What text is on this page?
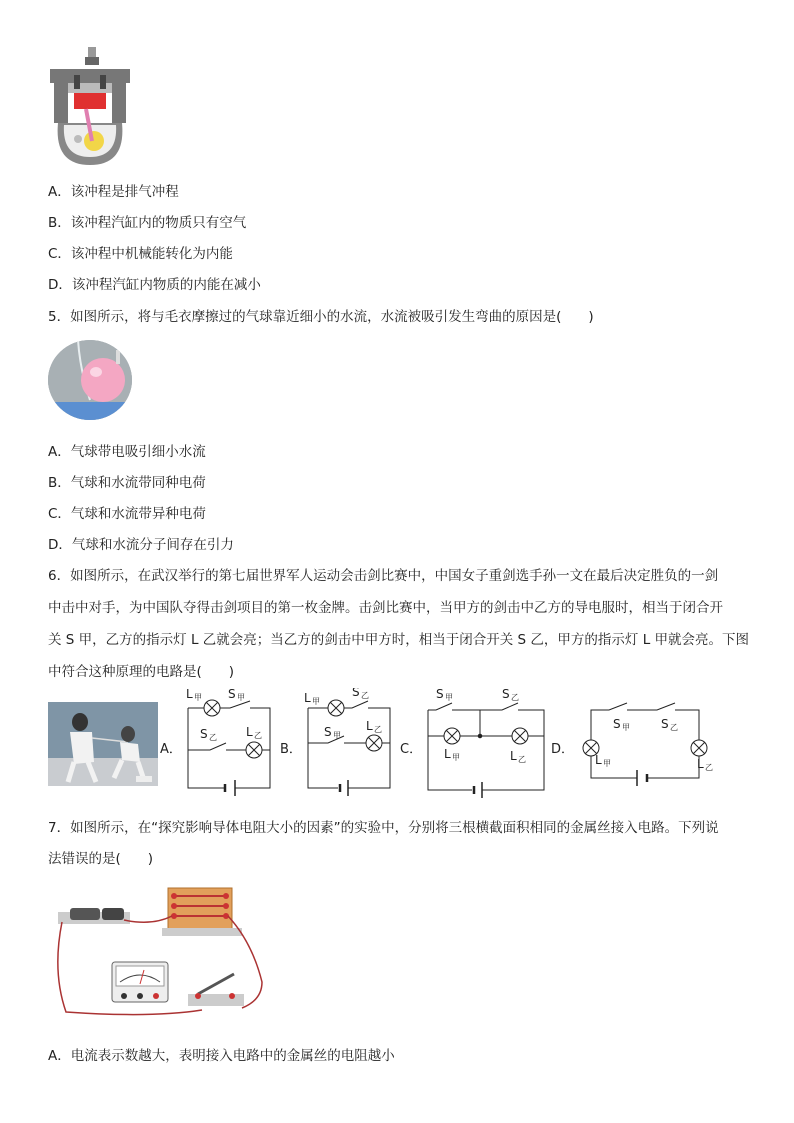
A．该冲程是排气冲程
B．该冲程汽缸内的物质只有空气
C．该冲程中机械能转化为内能
D．该冲程汽缸内物质的内能在减小
5．如图所示，将与毛衣摩擦过的气球靠近细小的水流，水流被吸引发生弯曲的原因是(　　)
A．气球带电吸引细小水流
B．气球和水流带同种电荷
C．气球和水流带异种电荷
D．气球和水流分子间存在引力
6．如图所示，在武汉举行的第七届世界军人运动会击剑比赛中，中国女子重剑选手孙一文在最后决定胜负的一剑
中击中对手，为中国队夺得击剑项目的第一枚金牌。击剑比赛中，当甲方的剑击中乙方的导电服时，相当于闭合开
关 S 甲，乙方的指示灯 L 乙就会亮；当乙方的剑击中甲方时，相当于闭合开关 S 乙，甲方的指示灯 L 甲就会亮。下图
中符合这种原理的电路是(　　)
A．	B．	C．	D．
L 甲 S 甲
S 乙 L 乙
L 甲
S 乙
S 甲
L 乙
S 甲	S 乙
L 甲	L 乙
S 甲	S 乙
L 甲	L 乙
7．如图所示，在“探究影响导体电阻大小的因素”的实验中，分别将三根横截面积相同的金属丝接入电路。下列说
法错误的是(　　)
A．电流表示数越大，表明接入电路中的金属丝的电阻越小
